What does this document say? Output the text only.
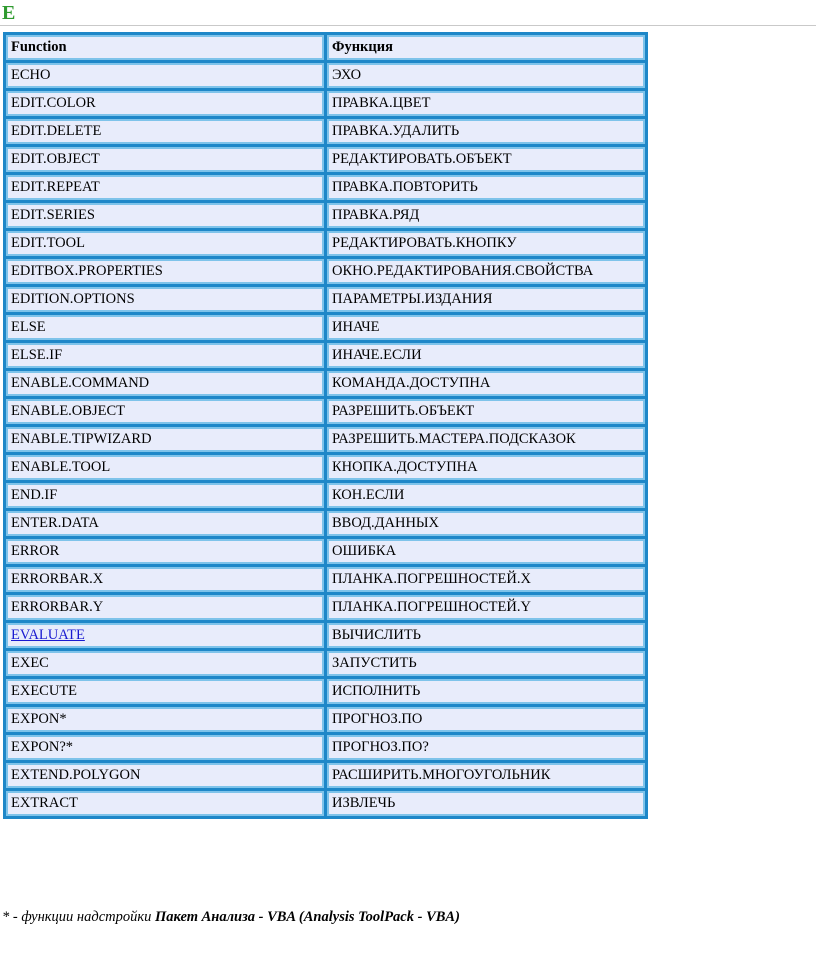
E
Function	Функция
ECHO	ЭХО
EDIT.COLOR	ПРАВКА.ЦВЕТ
EDIT.DELETE	ПРАВКА.УДАЛИТЬ
EDIT.OBJECT	РЕДАКТИРОВАТЬ.ОБЪЕКТ
EDIT.REPEAT	ПРАВКА.ПОВТОРИТЬ
EDIT.SERIES	ПРАВКА.РЯД
EDIT.TOOL	РЕДАКТИРОВАТЬ.КНОПКУ
EDITBOX.PROPERTIES	ОКНО.РЕДАКТИРОВАНИЯ.СВОЙСТВА
EDITION.OPTIONS	ПАРАМЕТРЫ.ИЗДАНИЯ
ELSE	ИНАЧЕ
ELSE.IF	ИНАЧЕ.ЕСЛИ
ENABLE.COMMAND	КОМАНДА.ДОСТУПНА
ENABLE.OBJECT	РАЗРЕШИТЬ.ОБЪЕКТ
ENABLE.TIPWIZARD	РАЗРЕШИТЬ.МАСТЕРА.ПОДСКАЗОК
ENABLE.TOOL	КНОПКА.ДОСТУПНА
END.IF	КОН.ЕСЛИ
ENTER.DATA	ВВОД.ДАННЫХ
ERROR	ОШИБКА
ERRORBAR.X	ПЛАНКА.ПОГРЕШНОСТЕЙ.X
ERRORBAR.Y	ПЛАНКА.ПОГРЕШНОСТЕЙ.Y
EVALUATE	ВЫЧИСЛИТЬ
EXEC	ЗАПУСТИТЬ
EXECUTE	ИСПОЛНИТЬ
EXPON*	ПРОГНОЗ.ПО
EXPON?*	ПРОГНОЗ.ПО?
EXTEND.POLYGON	РАСШИРИТЬ.МНОГОУГОЛЬНИК
EXTRACT	ИЗВЛЕЧЬ

* - функции надстройки Пакет Анализа - VBA (Analysis ToolPack - VBA)
